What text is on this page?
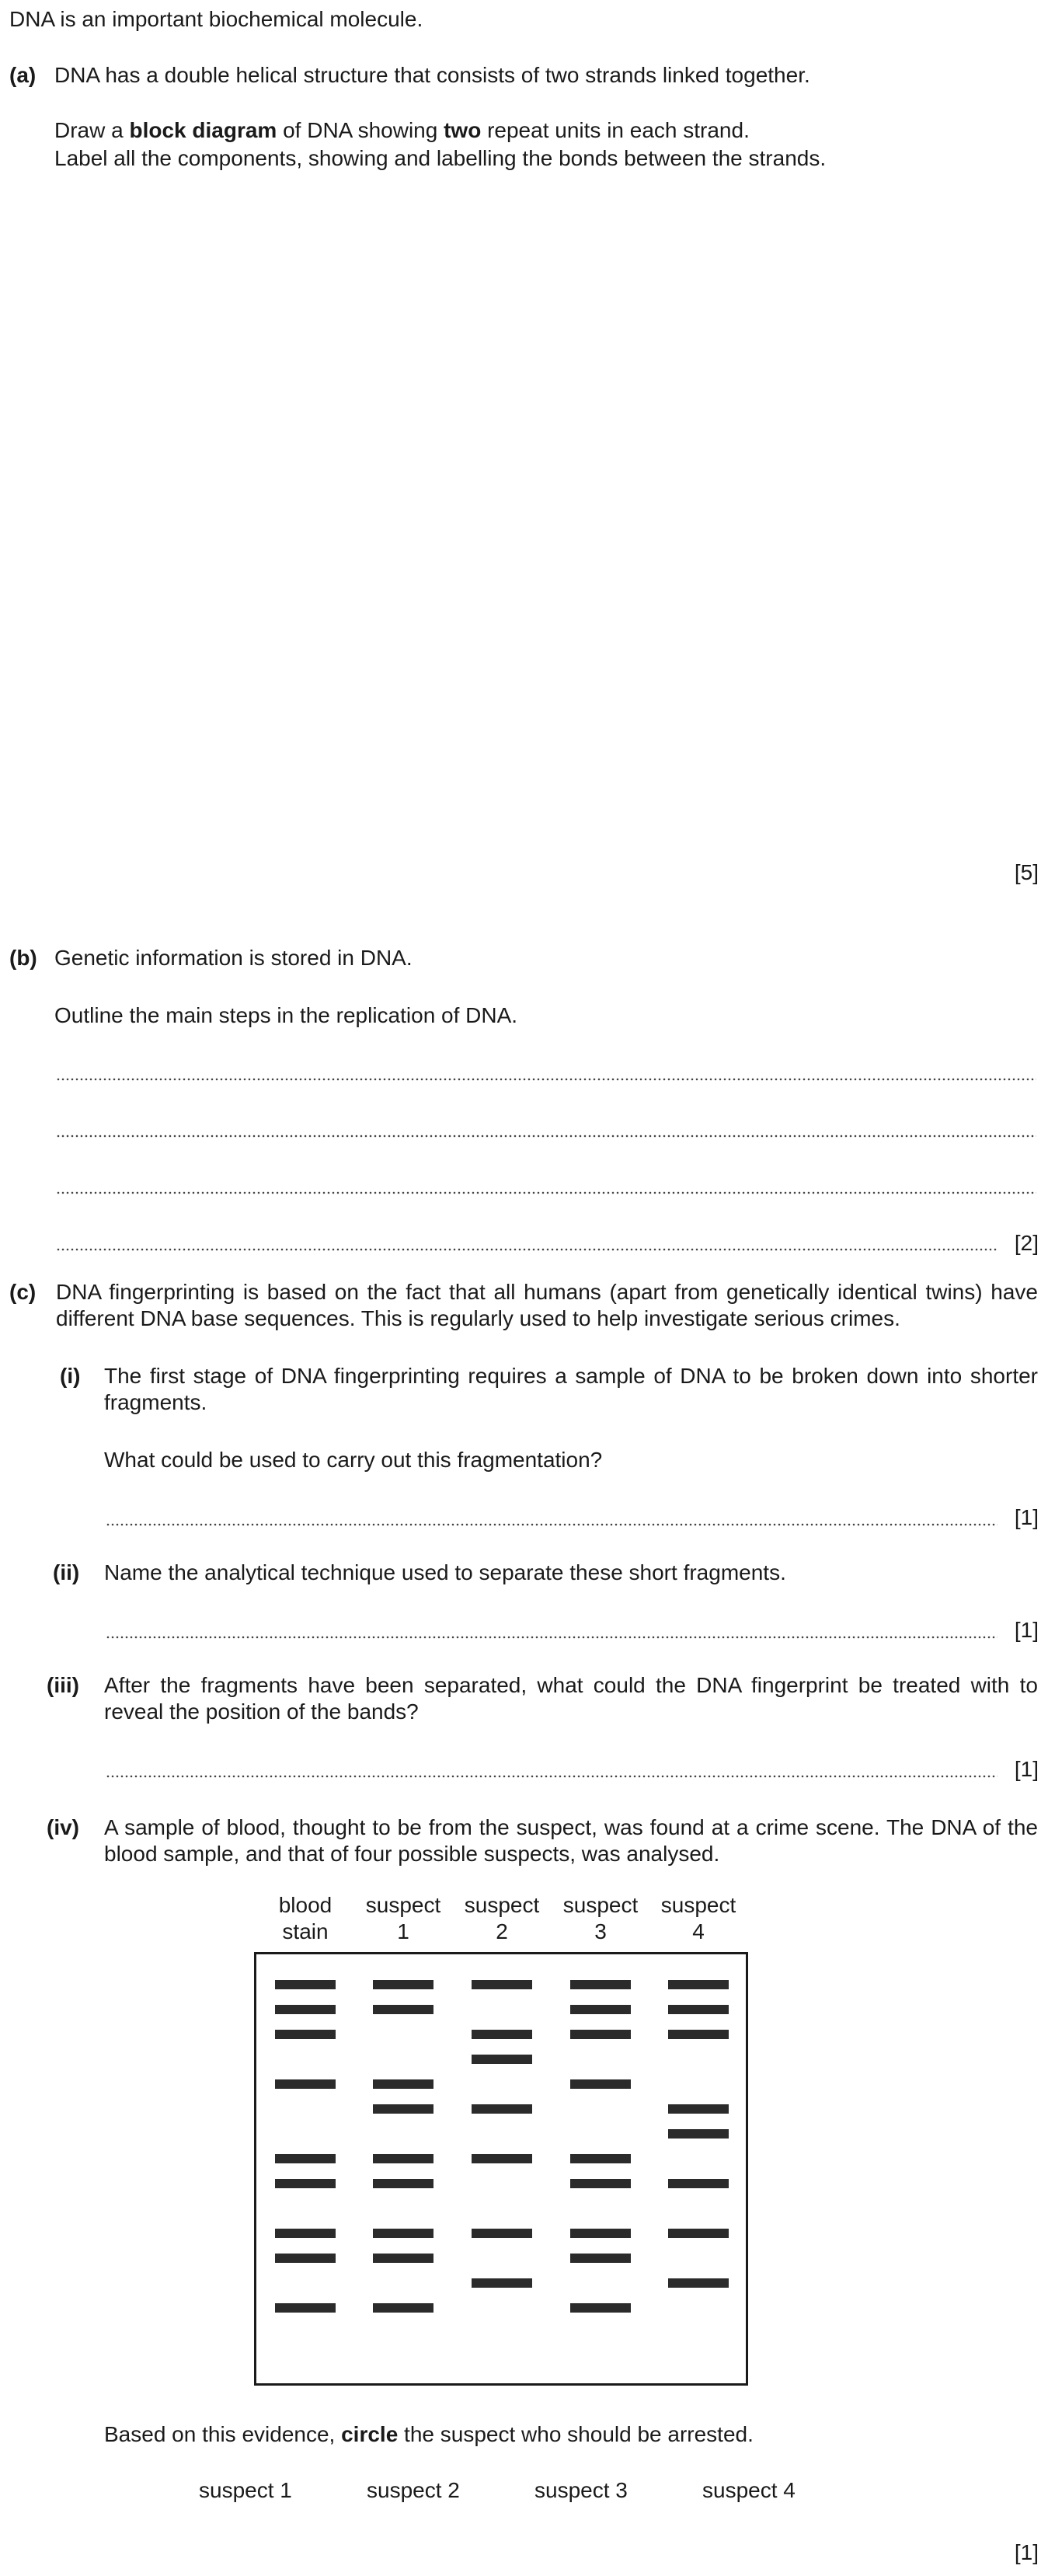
DNA is an important biochemical molecule.
(a) DNA has a double helical structure that consists of two strands linked together.
Draw a block diagram of DNA showing two repeat units in each strand.
Label all the components, showing and labelling the bonds between the strands.
[5]
(b) Genetic information is stored in DNA.
Outline the main steps in the replication of DNA.
[2]
(c) DNA fingerprinting is based on the fact that all humans (apart from genetically identical twins) have different DNA base sequences. This is regularly used to help investigate serious crimes.
(i) The first stage of DNA fingerprinting requires a sample of DNA to be broken down into shorter fragments.
What could be used to carry out this fragmentation?
[1]
(ii) Name the analytical technique used to separate these short fragments.
[1]
(iii) After the fragments have been separated, what could the DNA fingerprint be treated with to reveal the position of the bands?
[1]
(iv) A sample of blood, thought to be from the suspect, was found at a crime scene. The DNA of the blood sample, and that of four possible suspects, was analysed.
blood
stain
suspect
1
suspect
2
suspect
3
suspect
4
Based on this evidence, circle the suspect who should be arrested.
suspect 1	suspect 2	suspect 3	suspect 4
[1]
